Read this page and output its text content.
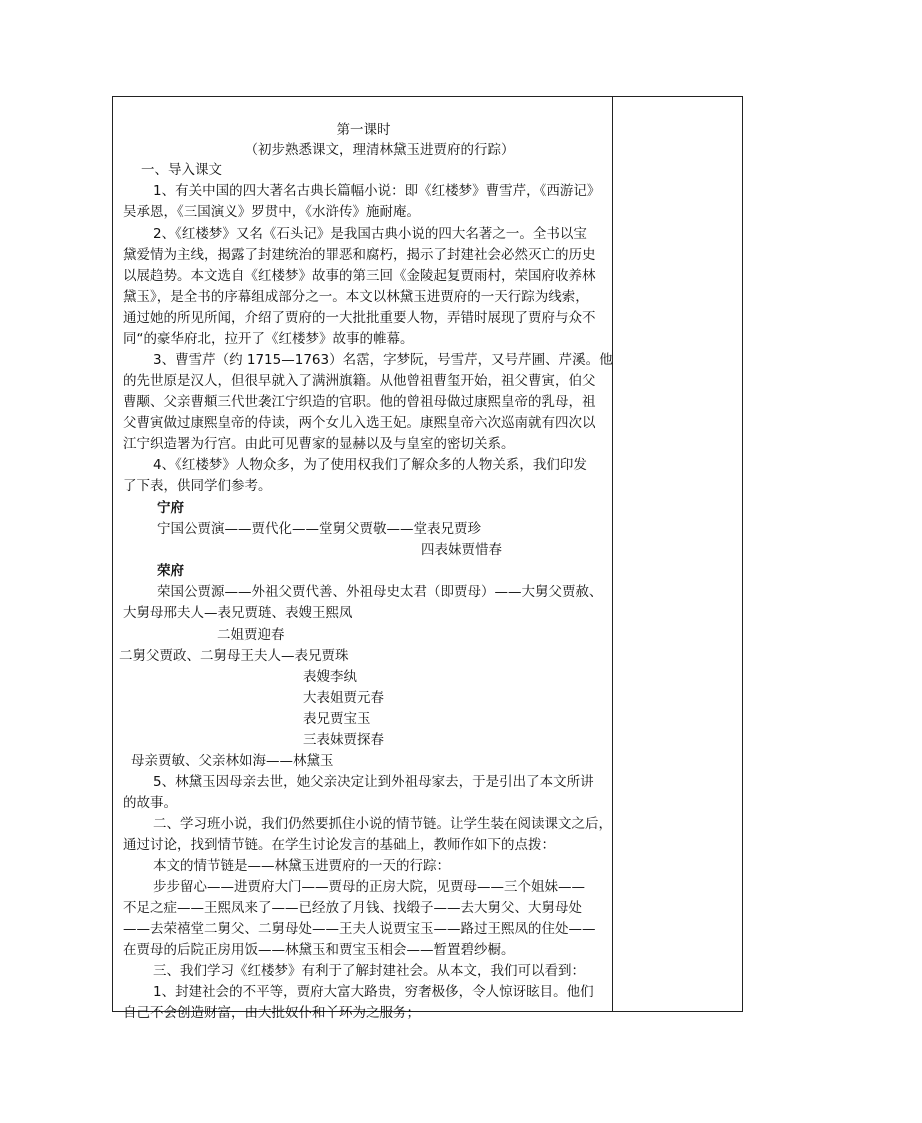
第一课时
（初步熟悉课文，理清林黛玉进贾府的行踪）
一、导入课文
1、有关中国的四大著名古典长篇幅小说：即《红楼梦》曹雪芹，《西游记》
吴承恩，《三国演义》罗贯中，《水浒传》施耐庵。
2、《红楼梦》又名《石头记》是我国古典小说的四大名著之一。全书以宝
黛爱情为主线，揭露了封建统治的罪恶和腐朽，揭示了封建社会必然灭亡的历史
以展趋势。本文选自《红楼梦》故事的第三回《金陵起复贾雨村，荣国府收养林
黛玉》，是全书的序幕组成部分之一。本文以林黛玉进贾府的一天行踪为线索，
通过她的所见所闻，介绍了贾府的一大批批重要人物，弄错时展现了贾府与众不
同“的豪华府北，拉开了《红楼梦》故事的帷幕。
3、曹雪芹（约 1715—1763）名霑，字梦阮，号雪芹，又号芹圃、芹溪。他
的先世原是汉人，但很早就入了满洲旗籍。从他曾祖曹玺开始，祖父曹寅，伯父
曹颙、父亲曹頫三代世袭江宁织造的官职。他的曾祖母做过康熙皇帝的乳母，祖
父曹寅做过康熙皇帝的侍读，两个女儿入选王妃。康熙皇帝六次巡南就有四次以
江宁织造署为行宫。由此可见曹家的显赫以及与皇室的密切关系。
4、《红楼梦》人物众多，为了使用权我们了解众多的人物关系，我们印发
了下表，供同学们参考。
宁府
宁国公贾演——贾代化——堂舅父贾敬——堂表兄贾珍
四表妹贾惜春
荣府
荣国公贾源——外祖父贾代善、外祖母史太君（即贾母）——大舅父贾赦、
大舅母邢夫人—表兄贾琏、表嫂王熙凤
二姐贾迎春
二舅父贾政、二舅母王夫人—表兄贾珠
表嫂李纨
大表姐贾元春
表兄贾宝玉
三表妹贾探春
母亲贾敏、父亲林如海——林黛玉
5、林黛玉因母亲去世，她父亲决定让到外祖母家去，于是引出了本文所讲
的故事。
二、学习班小说，我们仍然要抓住小说的情节链。让学生装在阅读课文之后，
通过讨论，找到情节链。在学生讨论发言的基础上，教师作如下的点拨：
本文的情节链是——林黛玉进贾府的一天的行踪：
步步留心——进贾府大门——贾母的正房大院，见贾母——三个姐妹——
不足之症——王熙凤来了——已经放了月钱、找缎子——去大舅父、大舅母处
——去荣禧堂二舅父、二舅母处——王夫人说贾宝玉——路过王熙凤的住处——
在贾母的后院正房用饭——林黛玉和贾宝玉相会——暂置碧纱橱。
三、我们学习《红楼梦》有利于了解封建社会。从本文，我们可以看到：
1、封建社会的不平等，贾府大富大路贵，穷奢极侈，令人惊讶眩目。他们
自己不会创造财富，由大批奴仆和丫环为之服务；
